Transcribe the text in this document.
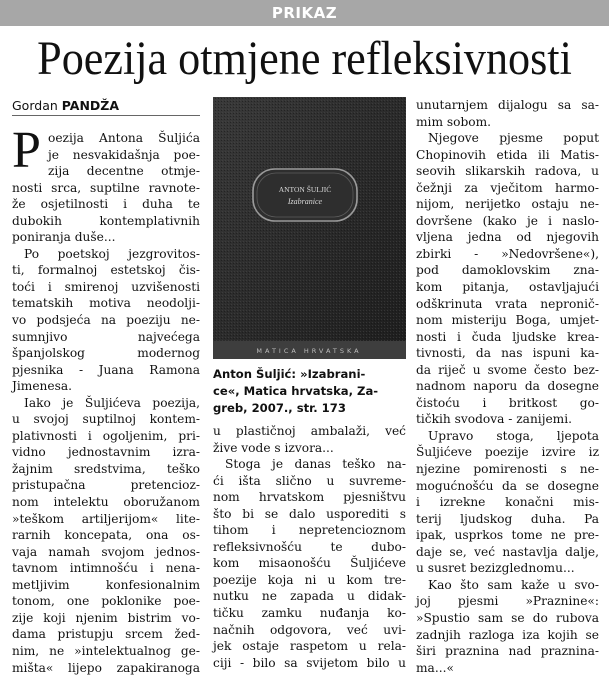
PRIKAZ
Poezija otmjene refleksivnosti
Gordan PANDŽA
P oezija Antona Šuljića
je nesvakidašnja poe-
zija decentne otmje-
nosti srca, suptilne ravnote-
že osjetilnosti i duha te
dubokih kontemplativnih
poniranja duše...
Po poetskoj jezgrovitos-
ti, formalnoj estetskoj čis-
toći i smirenoj uzvišenosti
tematskih motiva neodolji-
vo podsjeća na poeziju ne-
sumnjivo najvećega
španjolskog modernog
pjesnika - Juana Ramona
Jimenesa.
Iako je Šuljićeva poezija,
u svojoj suptilnoj kontem-
plativnosti i ogoljenim, pri-
vidno jednostavnim izra-
žajnim sredstvima, teško
pristupačna pretencioz-
nom intelektu oboružanom
»teškom artiljerijom« lite-
rarnih koncepata, ona os-
vaja namah svojom jednos-
tavnom intimnošću i nena-
metljivim konfesionalnim
tonom, one poklonike poe-
zije koji njenim bistrim vo-
dama pristupju srcem žed-
nim, ne »intelektualnog ge-
mišta« lijepo zapakiranoga
ANTON ŠULJIĆ
Izabranice
MATICA HRVATSKA
Anton Šuljić: »Izabrani-
ce«, Matica hrvatska, Za-
greb, 2007., str. 173
u plastičnoj ambalaži, već
žive vode s izvora...
Stoga je danas teško na-
ći išta slično u suvreme-
nom hrvatskom pjesništvu
što bi se dalo usporediti s
tihom i nepretencioznom
refleksivnošću te dubo-
kom misaonošću Šuljićeve
poezije koja ni u kom tre-
nutku ne zapada u didak-
tičku zamku nuđanja ko-
načnih odgovora, već uvi-
jek ostaje raspetom u rela-
ciji - bilo sa svijetom bilo u
unutarnjem dijalogu sa sa-
mim sobom.
Njegove pjesme poput
Chopinovih etida ili Matis-
seovih slikarskih radova, u
čežnji za vječitom harmo-
nijom, nerijetko ostaju ne-
dovršene (kako je i naslo-
vljena jedna od njegovih
zbirki - »Nedovršene«),
pod damoklovskim zna-
kom pitanja, ostavljajući
odškrinuta vrata nepronič-
nom misteriju Boga, umjet-
nosti i čuda ljudske krea-
tivnosti, da nas ispuni ka-
da riječ u svome često bez-
nadnom naporu da dosegne
čistoću i britkost go-
tičkih svodova - zanijemi.
Upravo stoga, ljepota
Šuljićeve poezije izvire iz
njezine pomirenosti s ne-
mogućnošću da se dosegne
i izrekne konačni mis-
terij ljudskog duha. Pa
ipak, usprkos tome ne pre-
daje se, već nastavlja dalje,
u susret bezizglednomu...
Kao što sam kaže u svo-
joj pjesmi »Praznine«:
»Spustio sam se do rubova
zadnjih razloga iza kojih se
širi praznina nad praznina-
ma...«
